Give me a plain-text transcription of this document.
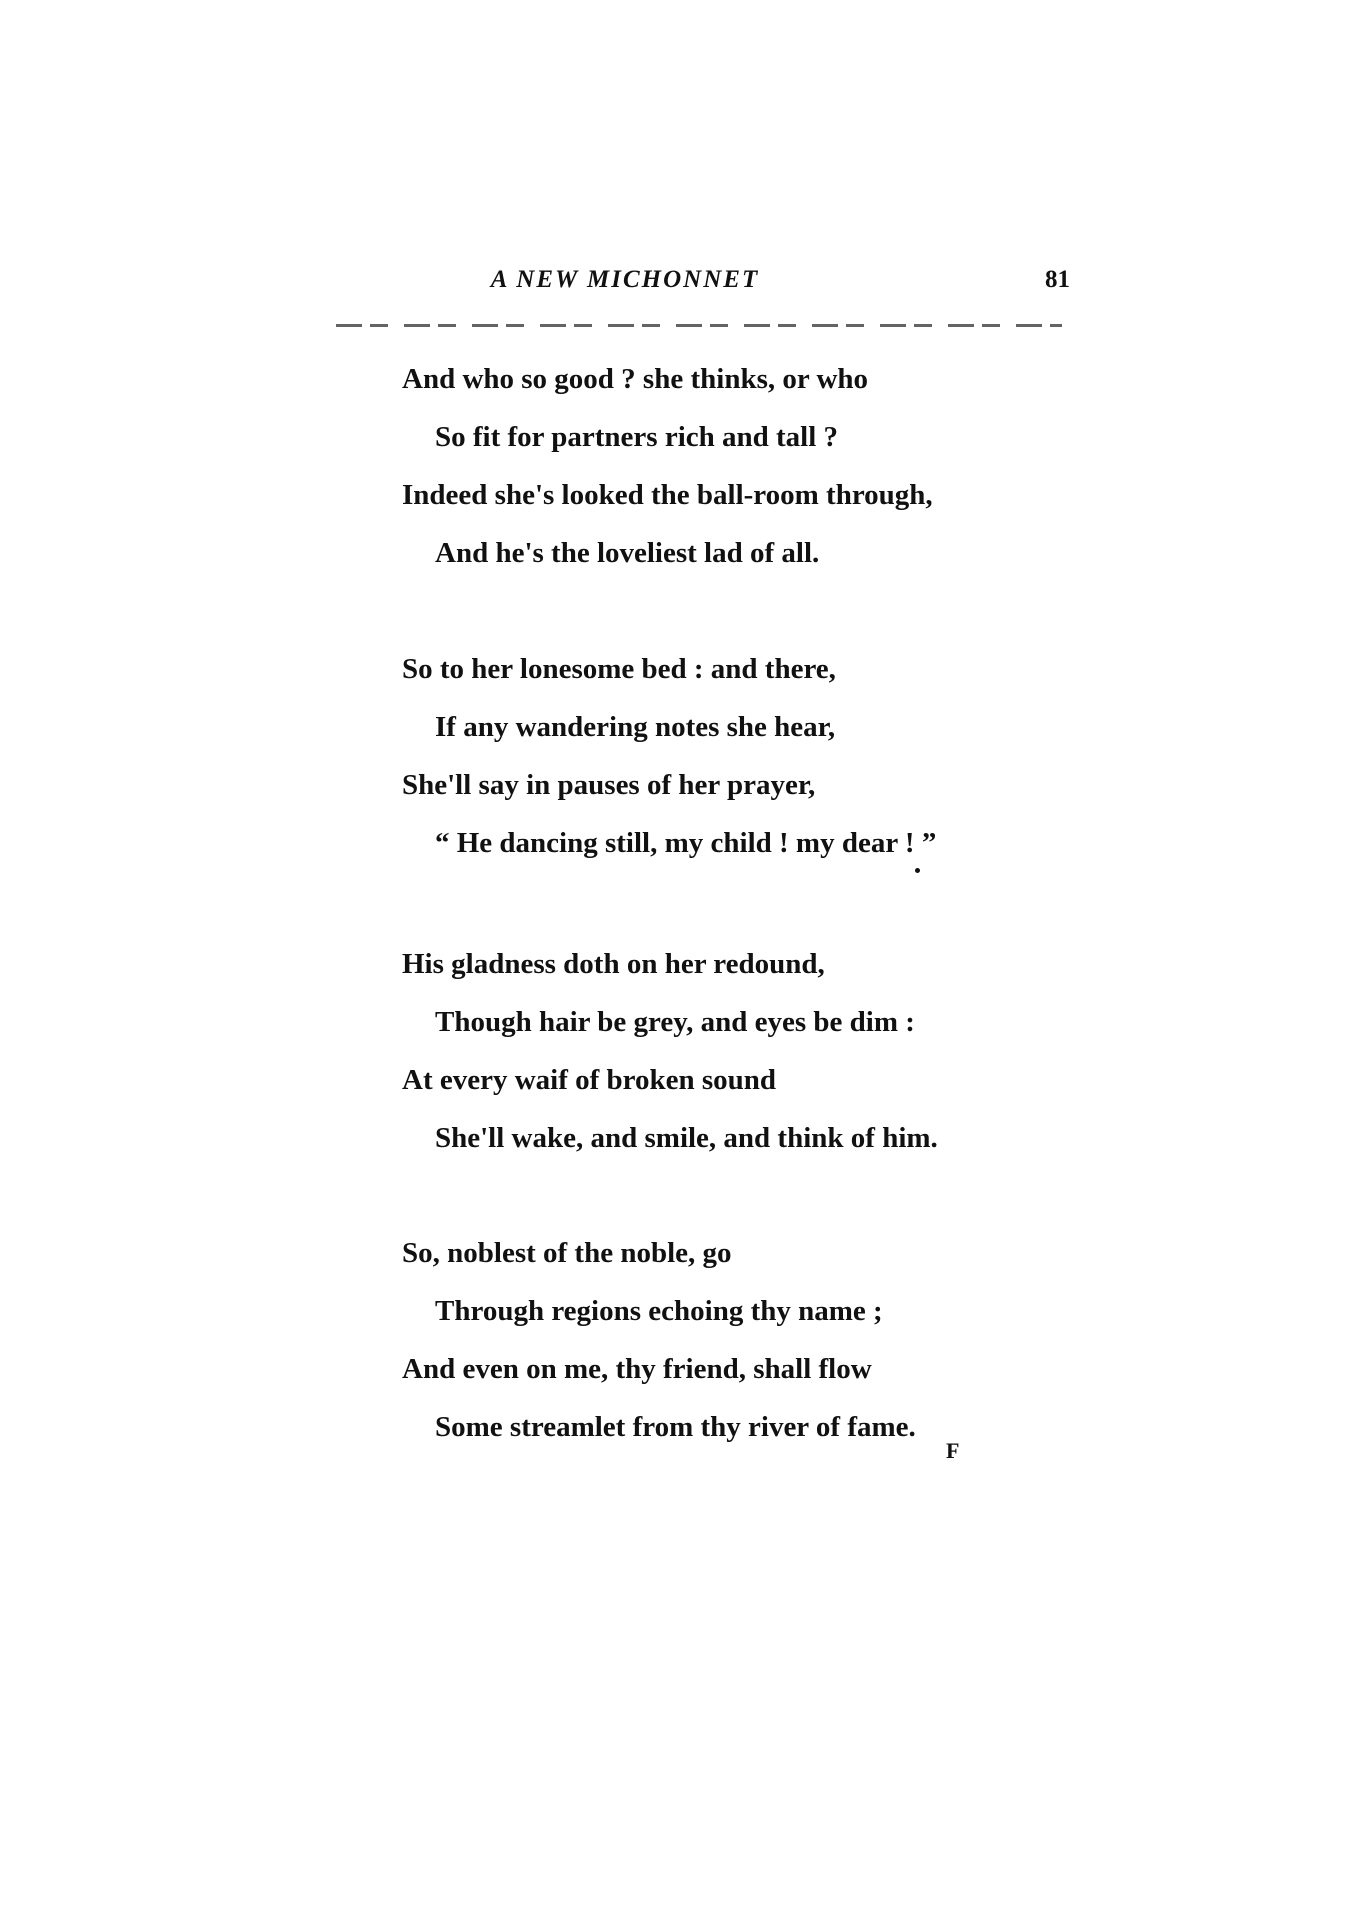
A NEW MICHONNET	81
And who so good ? she thinks, or who
So fit for partners rich and tall ?
Indeed she's looked the ball-room through,
And he's the loveliest lad of all.
So to her lonesome bed : and there,
If any wandering notes she hear,
She'll say in pauses of her prayer,
“ He dancing still, my child ! my dear ! ”
His gladness doth on her redound,
Though hair be grey, and eyes be dim :
At every waif of broken sound
She'll wake, and smile, and think of him.
So, noblest of the noble, go
Through regions echoing thy name ;
And even on me, thy friend, shall flow
Some streamlet from thy river of fame.
F
